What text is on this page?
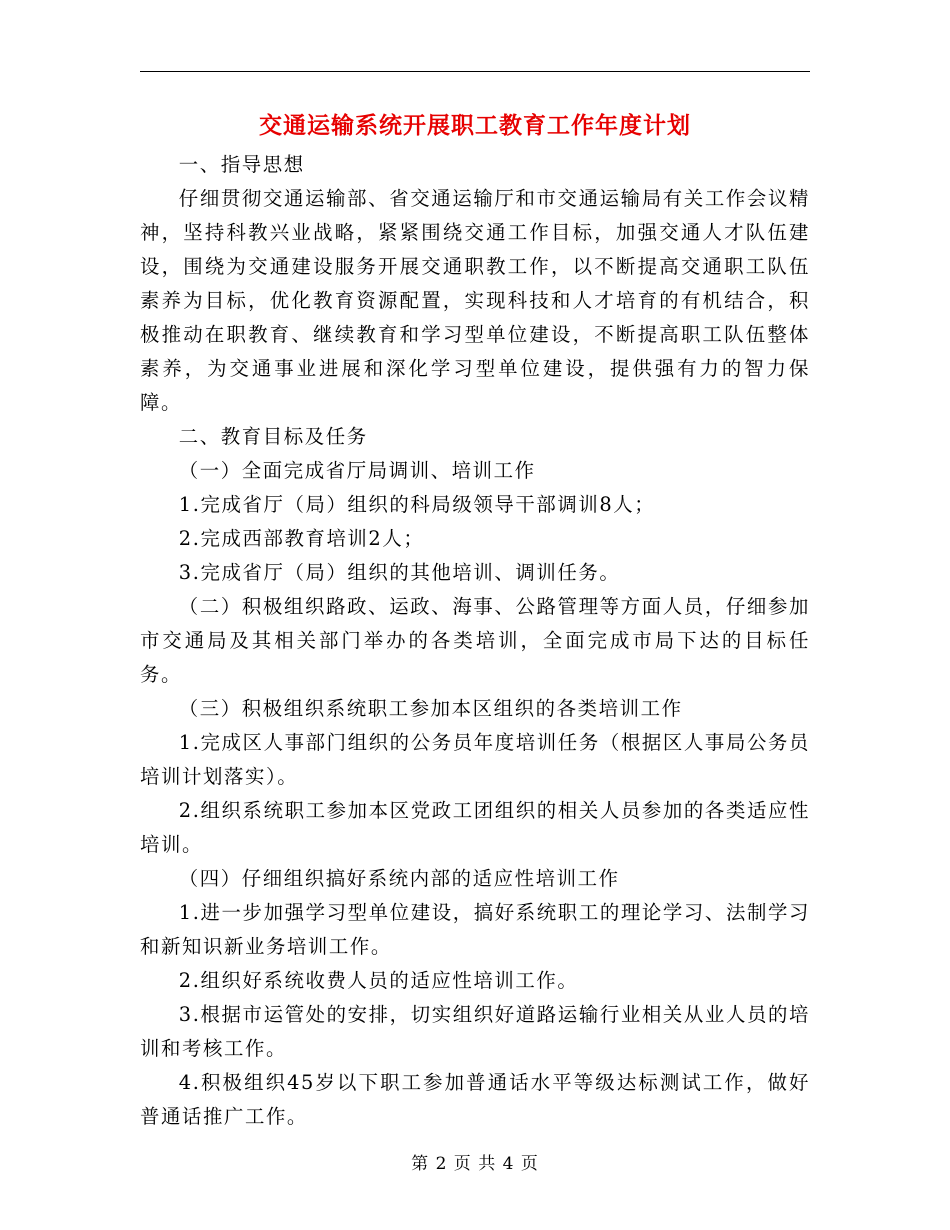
交通运输系统开展职工教育工作年度计划

一、指导思想

仔细贯彻交通运输部、省交通运输厅和市交通运输局有关工作会议精神，坚持科教兴业战略，紧紧围绕交通工作目标，加强交通人才队伍建设，围绕为交通建设服务开展交通职教工作，以不断提高交通职工队伍素养为目标，优化教育资源配置，实现科技和人才培育的有机结合，积极推动在职教育、继续教育和学习型单位建设，不断提高职工队伍整体素养，为交通事业进展和深化学习型单位建设，提供强有力的智力保障。

二、教育目标及任务

（一）全面完成省厅局调训、培训工作

1.完成省厅（局）组织的科局级领导干部调训8人；

2.完成西部教育培训2人；

3.完成省厅（局）组织的其他培训、调训任务。

（二）积极组织路政、运政、海事、公路管理等方面人员，仔细参加市交通局及其相关部门举办的各类培训，全面完成市局下达的目标任务。

（三）积极组织系统职工参加本区组织的各类培训工作

1.完成区人事部门组织的公务员年度培训任务（根据区人事局公务员培训计划落实）。

2.组织系统职工参加本区党政工团组织的相关人员参加的各类适应性培训。

（四）仔细组织搞好系统内部的适应性培训工作

1.进一步加强学习型单位建设，搞好系统职工的理论学习、法制学习和新知识新业务培训工作。

2.组织好系统收费人员的适应性培训工作。

3.根据市运管处的安排，切实组织好道路运输行业相关从业人员的培训和考核工作。

4.积极组织45岁以下职工参加普通话水平等级达标测试工作，做好普通话推广工作。

第 2 页 共 4 页
